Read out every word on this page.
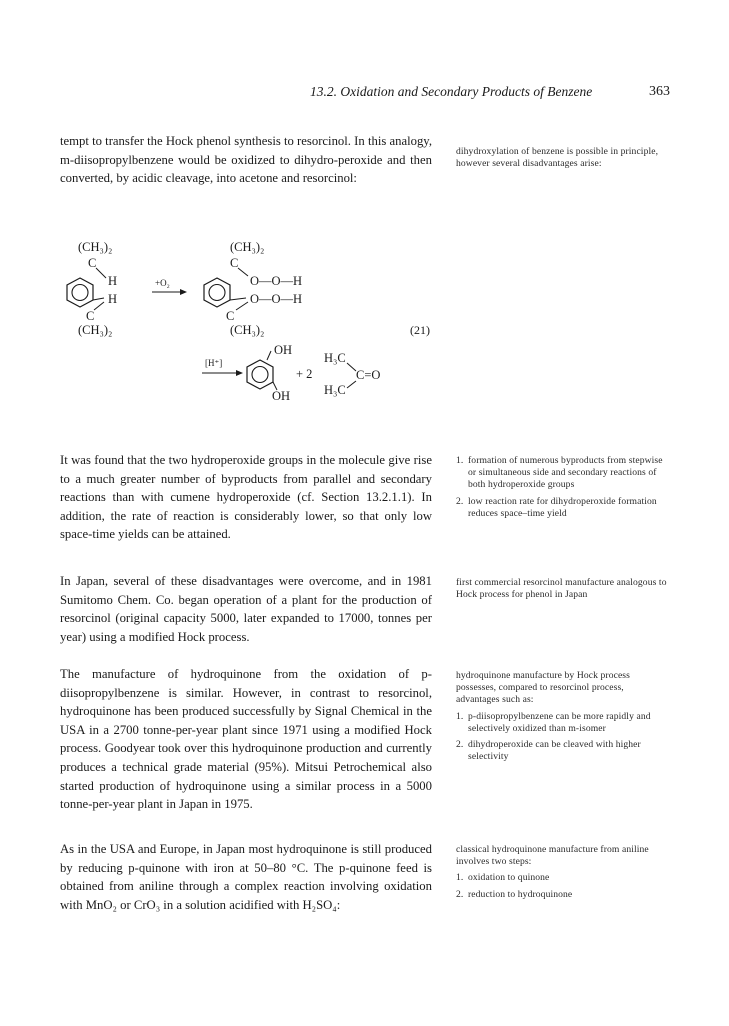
13.2. Oxidation and Secondary Products of Benzene	363
tempt to transfer the Hock phenol synthesis to resorcinol. In this analogy, m-diisopropylbenzene would be oxidized to dihydro-peroxide and then converted, by acidic cleavage, into acetone and resorcinol:

dihydroxylation of benzene is possible in principle, however several disadvantages arise:

(CH₃)₂
C
H
H
C
(CH₃)₂
+O₂
(CH₃)₂
C
O—O—H
O—O—H
C
(CH₃)₂	(21)
[H⁺]
OH
OH
+ 2
H₃C
C=O
H₃C
It was found that the two hydroperoxide groups in the molecule give rise to a much greater number of byproducts from parallel and secondary reactions than with cumene hydroperoxide (cf. Section 13.2.1.1). In addition, the rate of reaction is considerably lower, so that only low space-time yields can be attained.
1. formation of numerous byproducts from stepwise or simultaneous side and secondary reactions of both hydroperoxide groups
2. low reaction rate for dihydroperoxide formation reduces space–time yield
In Japan, several of these disadvantages were overcome, and in 1981 Sumitomo Chem. Co. began operation of a plant for the production of resorcinol (original capacity 5000, later expanded to 17000, tonnes per year) using a modified Hock process.

first commercial resorcinol manufacture analogous to Hock process for phenol in Japan

The manufacture of hydroquinone from the oxidation of p-diisopropylbenzene is similar. However, in contrast to resorcinol, hydroquinone has been produced successfully by Signal Chemical in the USA in a 2700 tonne-per-year plant since 1971 using a modified Hock process. Goodyear took over this hydroquinone production and currently produces a technical grade material (95%). Mitsui Petrochemical also started production of hydroquinone using a similar process in a 5000 tonne-per-year plant in Japan in 1975.

hydroquinone manufacture by Hock process possesses, compared to resorcinol process, advantages such as:

1. p-diisopropylbenzene can be more rapidly and selectively oxidized than m-isomer
2. dihydroperoxide can be cleaved with higher selectivity
As in the USA and Europe, in Japan most hydroquinone is still produced by reducing p-quinone with iron at 50–80 °C. The p-quinone feed is obtained from aniline through a complex reaction involving oxidation with MnO₂ or CrO₃ in a solution acidified with H₂SO₄:

classical hydroquinone manufacture from aniline involves two steps:

1. oxidation to quinone
2. reduction to hydroquinone
